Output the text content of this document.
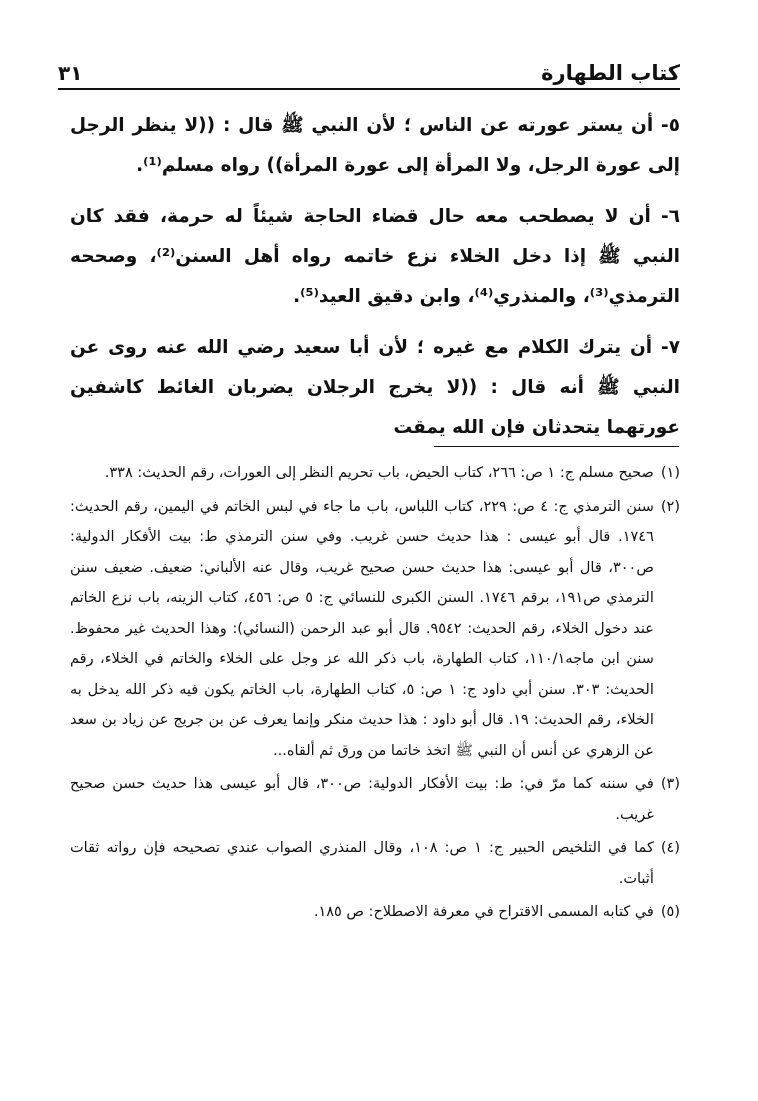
كتاب الطهارة
٣١

٥- أن يستر عورته عن الناس ؛ لأن النبي ﷺ قال : ((لا ينظر الرجل إلى عورة الرجل، ولا المرأة إلى عورة المرأة)) رواه مسلم⁽¹⁾.

٦- أن لا يصطحب معه حال قضاء الحاجة شيئاً له حرمة، فقد كان النبي ﷺ إذا دخل الخلاء نزع خاتمه رواه أهل السنن⁽²⁾، وصححه الترمذي⁽³⁾، والمنذري⁽⁴⁾، وابن دقيق العيد⁽⁵⁾.

٧- أن يترك الكلام مع غيره ؛ لأن أبا سعيد رضي الله عنه روى عن النبي ﷺ أنه قال : ((لا يخرج الرجلان يضربان الغائط كاشفين عورتهما يتحدثان فإن الله يمقت

(١)
صحيح مسلم ج: ١ ص: ٢٦٦، كتاب الحيض، باب تحريم النظر إلى العورات، رقم الحديث: ٣٣٨.
(٢)
سنن الترمذي ج: ٤ ص: ٢٢٩، كتاب اللباس، باب ما جاء في لبس الخاتم في اليمين، رقم الحديث: ١٧٤٦. قال أبو عيسى : هذا حديث حسن غريب. وفي سنن الترمذي ط: بيت الأفكار الدولية: ص٣٠٠، قال أبو عيسى: هذا حديث حسن صحيح غريب، وقال عنه الألباني: ضعيف. ضعيف سنن الترمذي ص١٩١، برقم ١٧٤٦. السنن الكبرى للنسائي ج: ٥ ص: ٤٥٦، كتاب الزينه، باب نزع الخاتم عند دخول الخلاء، رقم الحديث: ٩٥٤٢. قال أبو عبد الرحمن (النسائي): وهذا الحديث غير محفوظ. سنن ابن ماجه١١٠/١، كتاب الطهارة، باب ذكر الله عز وجل على الخلاء والخاتم في الخلاء، رقم الحديث: ٣٠٣. سنن أبي داود ج: ١ ص: ٥، كتاب الطهارة، باب الخاتم يكون فيه ذكر الله يدخل به الخلاء، رقم الحديث: ١٩. قال أبو داود : هذا حديث منكر وإنما يعرف عن بن جريج عن زياد بن سعد عن الزهري عن أنس أن النبي ﷺ اتخذ خاتما من ورق ثم ألقاه...
(٣)
في سننه كما مرّ في: ط: بيت الأفكار الدولية: ص٣٠٠، قال أبو عيسى هذا حديث حسن صحيح غريب.
(٤)
كما في التلخيص الحبير ج: ١ ص: ١٠٨، وقال المنذري الصواب عندي تصحيحه فإن رواته ثقات أثبات.
(٥)
في كتابه المسمى الاقتراح في معرفة الاصطلاح: ص ١٨٥.
